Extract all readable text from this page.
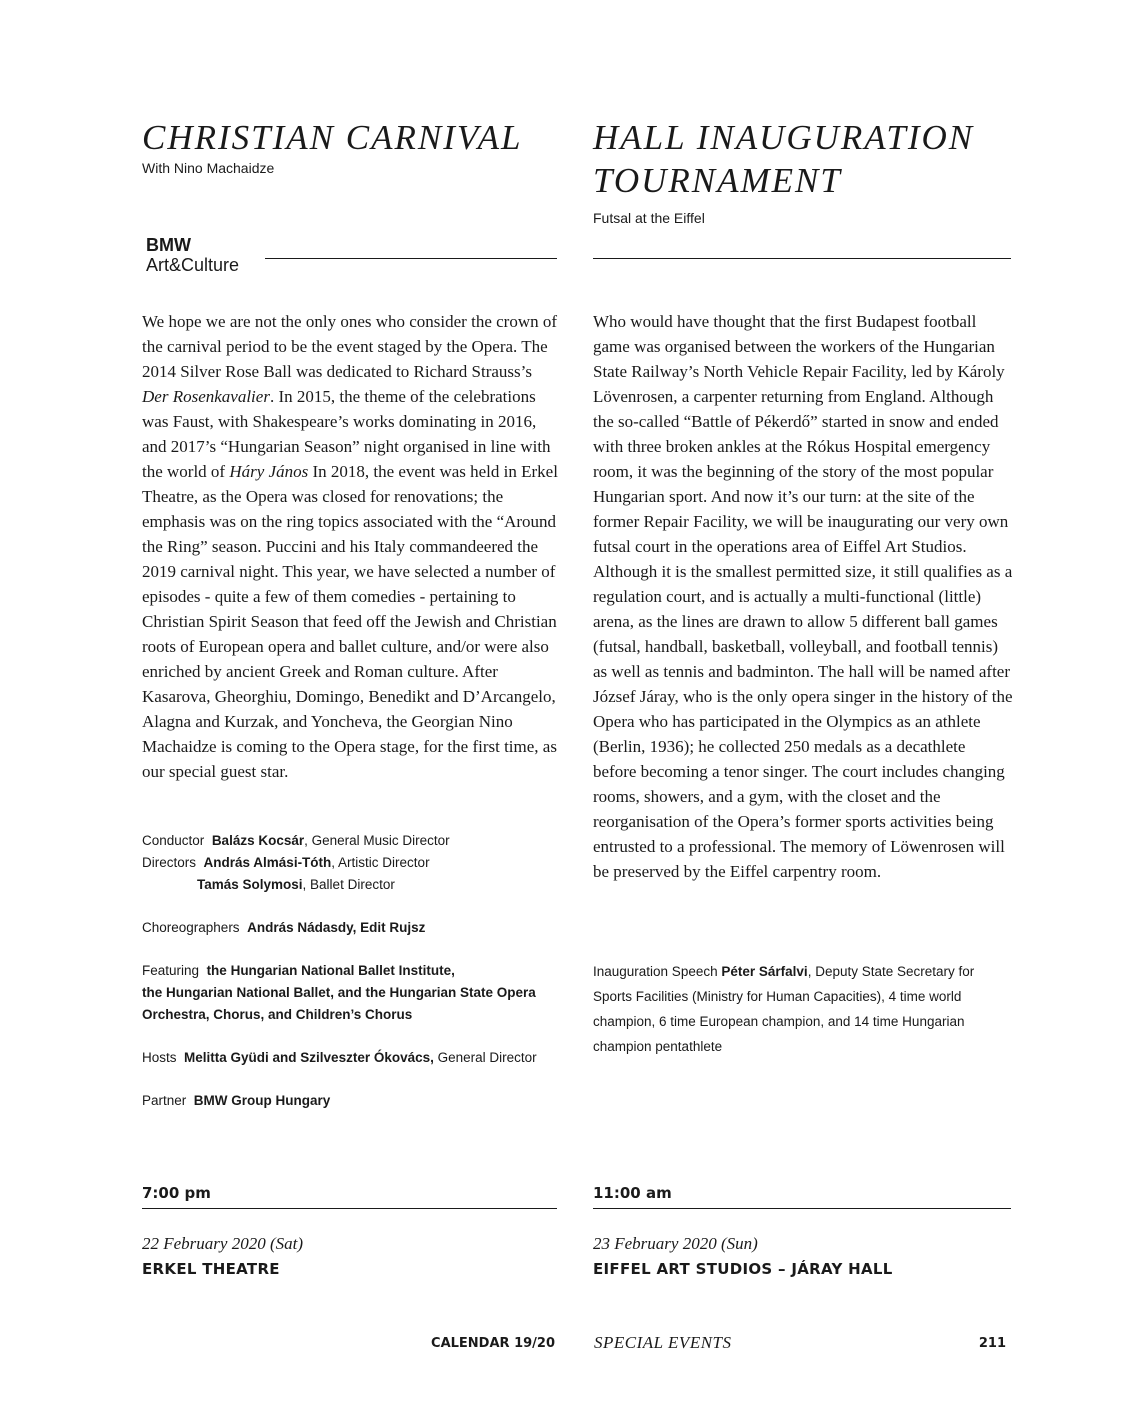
CHRISTIAN CARNIVAL

With Nino Machaidze

BMW
Art&Culture

We hope we are not the only ones who consider the crown of the carnival period to be the event staged by the Opera. The 2014 Silver Rose Ball was dedicated to Richard Strauss’s Der Rosenkavalier. In 2015, the theme of the celebrations was Faust, with Shakespeare’s works dominating in 2016, and 2017’s “Hungarian Season” night organised in line with the world of Háry János In 2018, the event was held in Erkel Theatre, as the Opera was closed for renovations; the emphasis was on the ring topics associated with the “Around the Ring” season. Puccini and his Italy commandeered the 2019 carnival night. This year, we have selected a number of episodes - quite a few of them comedies - pertaining to Christian Spirit Season that feed off the Jewish and Christian roots of European opera and ballet culture, and/or were also enriched by ancient Greek and Roman culture. After Kasarova, Gheorghiu, Domingo, Benedikt and D’Arcangelo, Alagna and Kurzak, and Yoncheva, the Georgian Nino Machaidze is coming to the Opera stage, for the first time, as our special guest star.

Conductor Balázs Kocsár, General Music Director
Directors András Almási-Tóth, Artistic Director
Tamás Solymosi, Ballet Director
Choreographers András Nádasdy, Edit Rujsz
Featuring the Hungarian National Ballet Institute,
the Hungarian National Ballet, and the Hungarian State Opera
Orchestra, Chorus, and Children’s Chorus
Hosts Melitta Gyüdi and Szilveszter Ókovács, General Director
Partner BMW Group Hungary
7:00 pm
22 February 2020 (Sat)
ERKEL THEATRE
HALL INAUGURATION
TOURNAMENT

Futsal at the Eiffel

Who would have thought that the first Budapest football game was organised between the workers of the Hungarian State Railway’s North Vehicle Repair Facility, led by Károly Lövenrosen, a carpenter returning from England. Although the so-called “Battle of Pékerdő” started in snow and ended with three broken ankles at the Rókus Hospital emergency room, it was the beginning of the story of the most popular Hungarian sport. And now it’s our turn: at the site of the former Repair Facility, we will be inaugurating our very own futsal court in the operations area of Eiffel Art Studios. Although it is the smallest permitted size, it still qualifies as a regulation court, and is actually a multi-functional (little) arena, as the lines are drawn to allow 5 different ball games (futsal, handball, basketball, volleyball, and football tennis) as well as tennis and badminton. The hall will be named after József Járay, who is the only opera singer in the history of the Opera who has participated in the Olympics as an athlete (Berlin, 1936); he collected 250 medals as a decathlete before becoming a tenor singer. The court includes changing rooms, showers, and a gym, with the closet and the reorganisation of the Opera’s former sports activities being entrusted to a professional. The memory of Löwenrosen will be preserved by the Eiffel carpentry room.

Inauguration Speech Péter Sárfalvi, Deputy State Secretary for Sports Facilities (Ministry for Human Capacities), 4 time world champion, 6 time European champion, and 14 time Hungarian champion pentathlete
11:00 am
23 February 2020 (Sun)
EIFFEL ART STUDIOS – JÁRAY HALL
CALENDAR 19/20 SPECIAL EVENTS	211
